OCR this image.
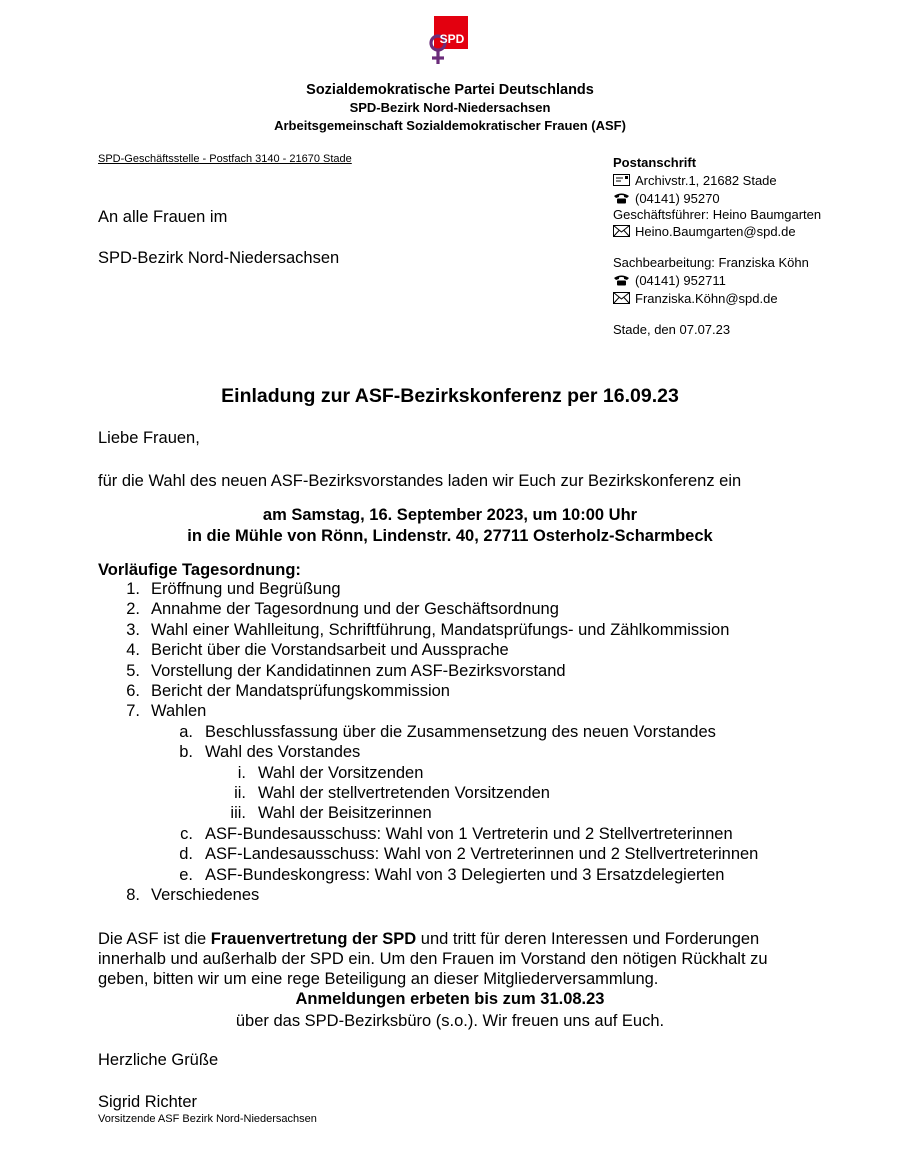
SPD
Sozialdemokratische Partei Deutschlands
SPD-Bezirk Nord-Niedersachsen
Arbeitsgemeinschaft Sozialdemokratischer Frauen (ASF)
SPD-Geschäftsstelle - Postfach 3140 - 21670 Stade
An alle Frauen im
SPD-Bezirk Nord-Niedersachsen
Postanschrift
Archivstr.1, 21682 Stade
(04141) 95270
Geschäftsführer: Heino Baumgarten
Heino.Baumgarten@spd.de
Sachbearbeitung: Franziska Köhn
(04141) 952711
Franziska.Köhn@spd.de
Stade, den 07.07.23
Einladung zur ASF-Bezirkskonferenz per 16.09.23
Liebe Frauen,
für die Wahl des neuen ASF-Bezirksvorstandes laden wir Euch zur Bezirkskonferenz ein
am Samstag, 16. September 2023, um 10:00 Uhr
in die Mühle von Rönn, Lindenstr. 40, 27711 Osterholz-Scharmbeck
Vorläufige Tagesordnung:
1. Eröffnung und Begrüßung
2. Annahme der Tagesordnung und der Geschäftsordnung
3. Wahl einer Wahlleitung, Schriftführung, Mandatsprüfungs- und Zählkommission
4. Bericht über die Vorstandsarbeit und Aussprache
5. Vorstellung der Kandidatinnen zum ASF-Bezirksvorstand
6. Bericht der Mandatsprüfungskommission
7. Wahlen
a. Beschlussfassung über die Zusammensetzung des neuen Vorstandes
b. Wahl des Vorstandes
i. Wahl der Vorsitzenden
ii. Wahl der stellvertretenden Vorsitzenden
iii. Wahl der Beisitzerinnen
c. ASF-Bundesausschuss: Wahl von 1 Vertreterin und 2 Stellvertreterinnen
d. ASF-Landesausschuss: Wahl von 2 Vertreterinnen und 2 Stellvertreterinnen
e. ASF-Bundeskongress: Wahl von 3 Delegierten und 3 Ersatzdelegierten
8. Verschiedenes
Die ASF ist die Frauenvertretung der SPD und tritt für deren Interessen und Forderungen
innerhalb und außerhalb der SPD ein. Um den Frauen im Vorstand den nötigen Rückhalt zu
geben, bitten wir um eine rege Beteiligung an dieser Mitgliederversammlung.
Anmeldungen erbeten bis zum 31.08.23
über das SPD-Bezirksbüro (s.o.). Wir freuen uns auf Euch.
Herzliche Grüße
Sigrid Richter
Vorsitzende ASF Bezirk Nord-Niedersachsen
